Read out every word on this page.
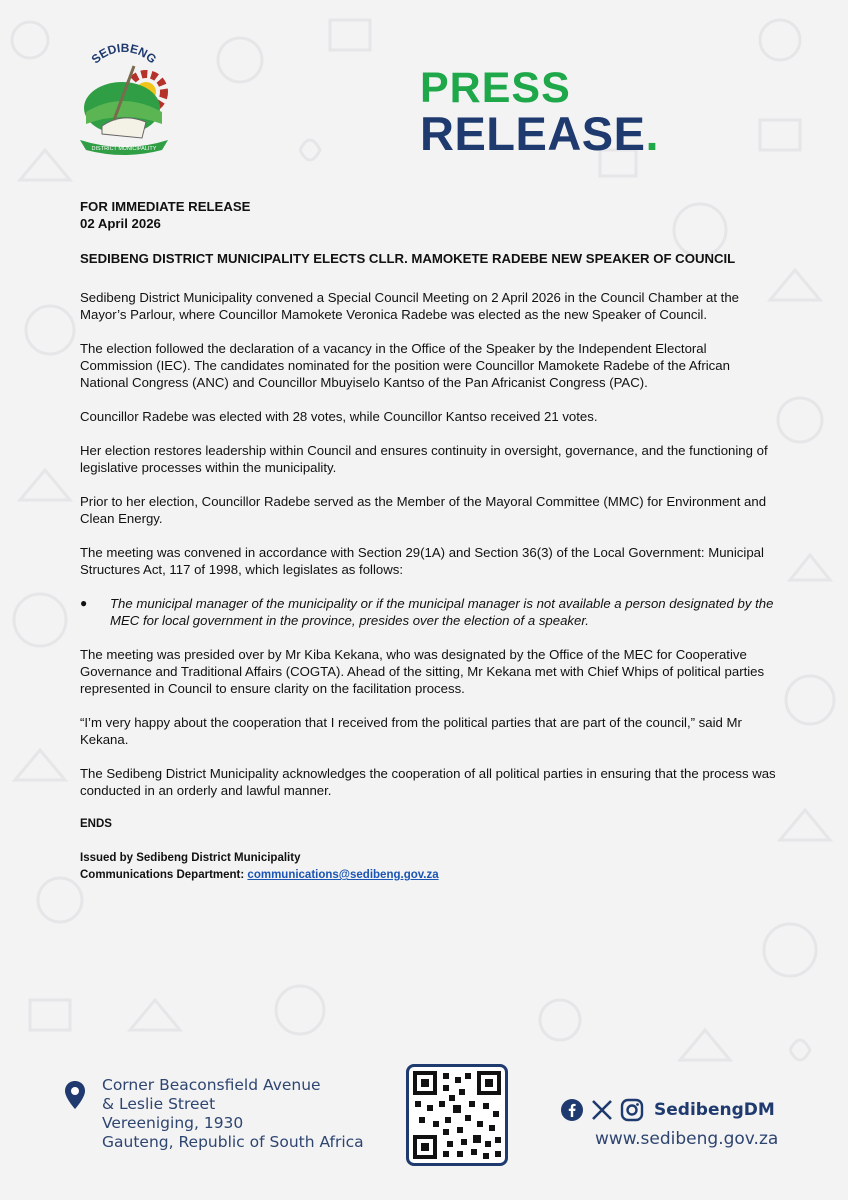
SEDIBENG
DISTRICT MUNICIPALITY
PRESS
RELEASE.
FOR IMMEDIATE RELEASE
02 April 2026

SEDIBENG DISTRICT MUNICIPALITY ELECTS CLLR. MAMOKETE RADEBE NEW SPEAKER OF COUNCIL

Sedibeng District Municipality convened a Special Council Meeting on 2 April 2026 in the Council Chamber at the Mayor’s Parlour, where Councillor Mamokete Veronica Radebe was elected as the new Speaker of Council.

The election followed the declaration of a vacancy in the Office of the Speaker by the Independent Electoral Commission (IEC). The candidates nominated for the position were Councillor Mamokete Radebe of the African National Congress (ANC) and Councillor Mbuyiselo Kantso of the Pan Africanist Congress (PAC).

Councillor Radebe was elected with 28 votes, while Councillor Kantso received 21 votes.

Her election restores leadership within Council and ensures continuity in oversight, governance, and the functioning of legislative processes within the municipality.

Prior to her election, Councillor Radebe served as the Member of the Mayoral Committee (MMC) for Environment and Clean Energy.

The meeting was convened in accordance with Section 29(1A) and Section 36(3) of the Local Government: Municipal Structures Act, 117 of 1998, which legislates as follows:

●	The municipal manager of the municipality or if the municipal manager is not available a person designated by the MEC for local government in the province, presides over the election of a speaker.

The meeting was presided over by Mr Kiba Kekana, who was designated by the Office of the MEC for Cooperative Governance and Traditional Affairs (COGTA). Ahead of the sitting, Mr Kekana met with Chief Whips of political parties represented in Council to ensure clarity on the facilitation process.

“I’m very happy about the cooperation that I received from the political parties that are part of the council,” said Mr Kekana.

The Sedibeng District Municipality acknowledges the cooperation of all political parties in ensuring that the process was conducted in an orderly and lawful manner.

ENDS

Issued by Sedibeng District Municipality
Communications Department: communications@sedibeng.gov.za
Corner Beaconsfield Avenue
& Leslie Street
Vereeniging, 1930
Gauteng, Republic of South Africa
SedibengDM
www.sedibeng.gov.za
